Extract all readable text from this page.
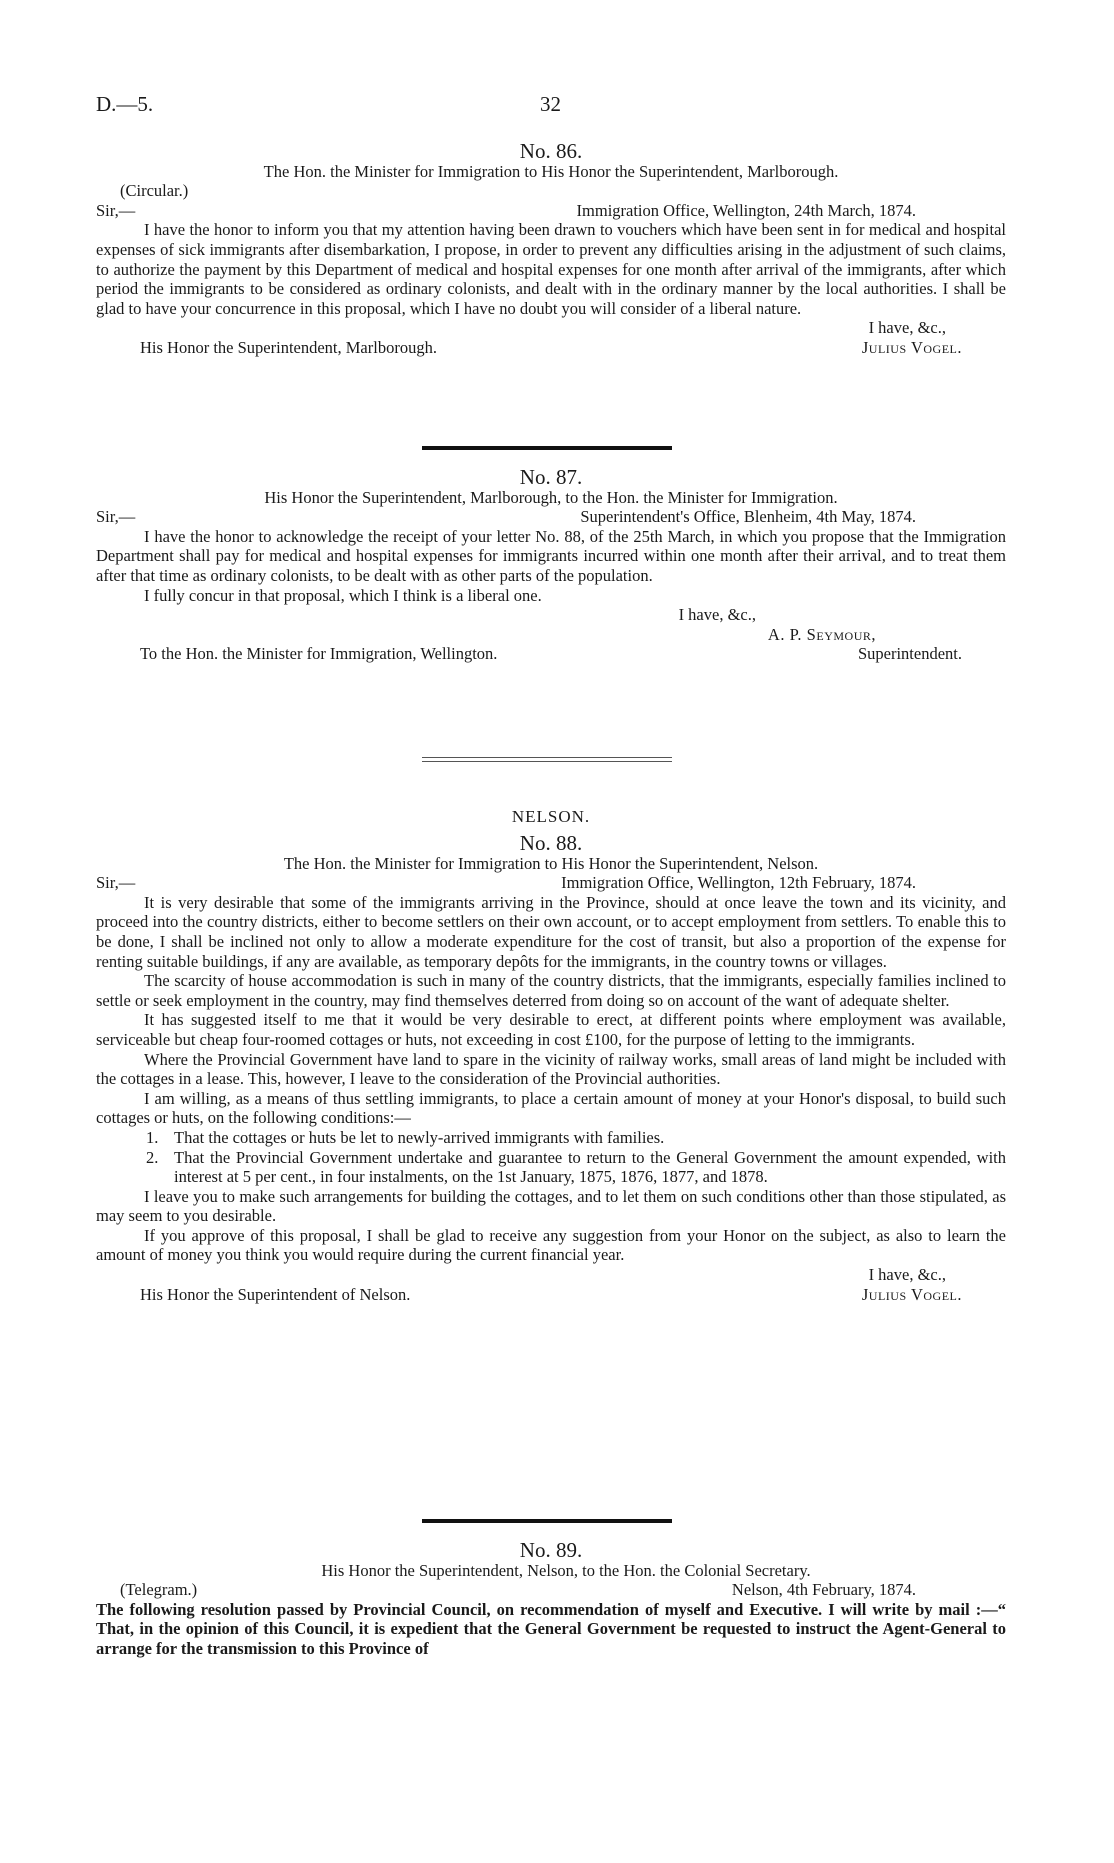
D.—5.	32
No. 86.
The Hon. the Minister for Immigration to His Honor the Superintendent, Marlborough.
(Circular.)
Sir,—	Immigration Office, Wellington, 24th March, 1874.

I have the honor to inform you that my attention having been drawn to vouchers which have been sent in for medical and hospital expenses of sick immigrants after disembarkation, I propose, in order to prevent any difficulties arising in the adjustment of such claims, to authorize the payment by this Department of medical and hospital expenses for one month after arrival of the immigrants, after which period the immigrants to be considered as ordinary colonists, and dealt with in the ordinary manner by the local authorities. I shall be glad to have your concurrence in this proposal, which I have no doubt you will consider of a liberal nature.

I have, &c.,
His Honor the Superintendent, Marlborough.	Julius Vogel.
No. 87.
His Honor the Superintendent, Marlborough, to the Hon. the Minister for Immigration.
Sir,—	Superintendent's Office, Blenheim, 4th May, 1874.

I have the honor to acknowledge the receipt of your letter No. 88, of the 25th March, in which you propose that the Immigration Department shall pay for medical and hospital expenses for immigrants incurred within one month after their arrival, and to treat them after that time as ordinary colonists, to be dealt with as other parts of the population.

I fully concur in that proposal, which I think is a liberal one.

I have, &c.,
A. P. Seymour,
To the Hon. the Minister for Immigration, Wellington.	Superintendent.
NELSON.
No. 88.
The Hon. the Minister for Immigration to His Honor the Superintendent, Nelson.
Sir,—	Immigration Office, Wellington, 12th February, 1874.

It is very desirable that some of the immigrants arriving in the Province, should at once leave the town and its vicinity, and proceed into the country districts, either to become settlers on their own account, or to accept employment from settlers. To enable this to be done, I shall be inclined not only to allow a moderate expenditure for the cost of transit, but also a proportion of the expense for renting suitable buildings, if any are available, as temporary depôts for the immigrants, in the country towns or villages.

The scarcity of house accommodation is such in many of the country districts, that the immigrants, especially families inclined to settle or seek employment in the country, may find themselves deterred from doing so on account of the want of adequate shelter.

It has suggested itself to me that it would be very desirable to erect, at different points where employment was available, serviceable but cheap four-roomed cottages or huts, not exceeding in cost £100, for the purpose of letting to the immigrants.

Where the Provincial Government have land to spare in the vicinity of railway works, small areas of land might be included with the cottages in a lease. This, however, I leave to the consideration of the Provincial authorities.

I am willing, as a means of thus settling immigrants, to place a certain amount of money at your Honor's disposal, to build such cottages or huts, on the following conditions:—

1. That the cottages or huts be let to newly-arrived immigrants with families.

2. That the Provincial Government undertake and guarantee to return to the General Government the amount expended, with interest at 5 per cent., in four instalments, on the 1st January, 1875, 1876, 1877, and 1878.

I leave you to make such arrangements for building the cottages, and to let them on such conditions other than those stipulated, as may seem to you desirable.

If you approve of this proposal, I shall be glad to receive any suggestion from your Honor on the subject, as also to learn the amount of money you think you would require during the current financial year.

I have, &c.,
His Honor the Superintendent of Nelson.	Julius Vogel.
No. 89.
His Honor the Superintendent, Nelson, to the Hon. the Colonial Secretary.
(Telegram.)	Nelson, 4th February, 1874.

The following resolution passed by Provincial Council, on recommendation of myself and Executive. I will write by mail :—“ That, in the opinion of this Council, it is expedient that the General Government be requested to instruct the Agent-General to arrange for the transmission to this Province of
